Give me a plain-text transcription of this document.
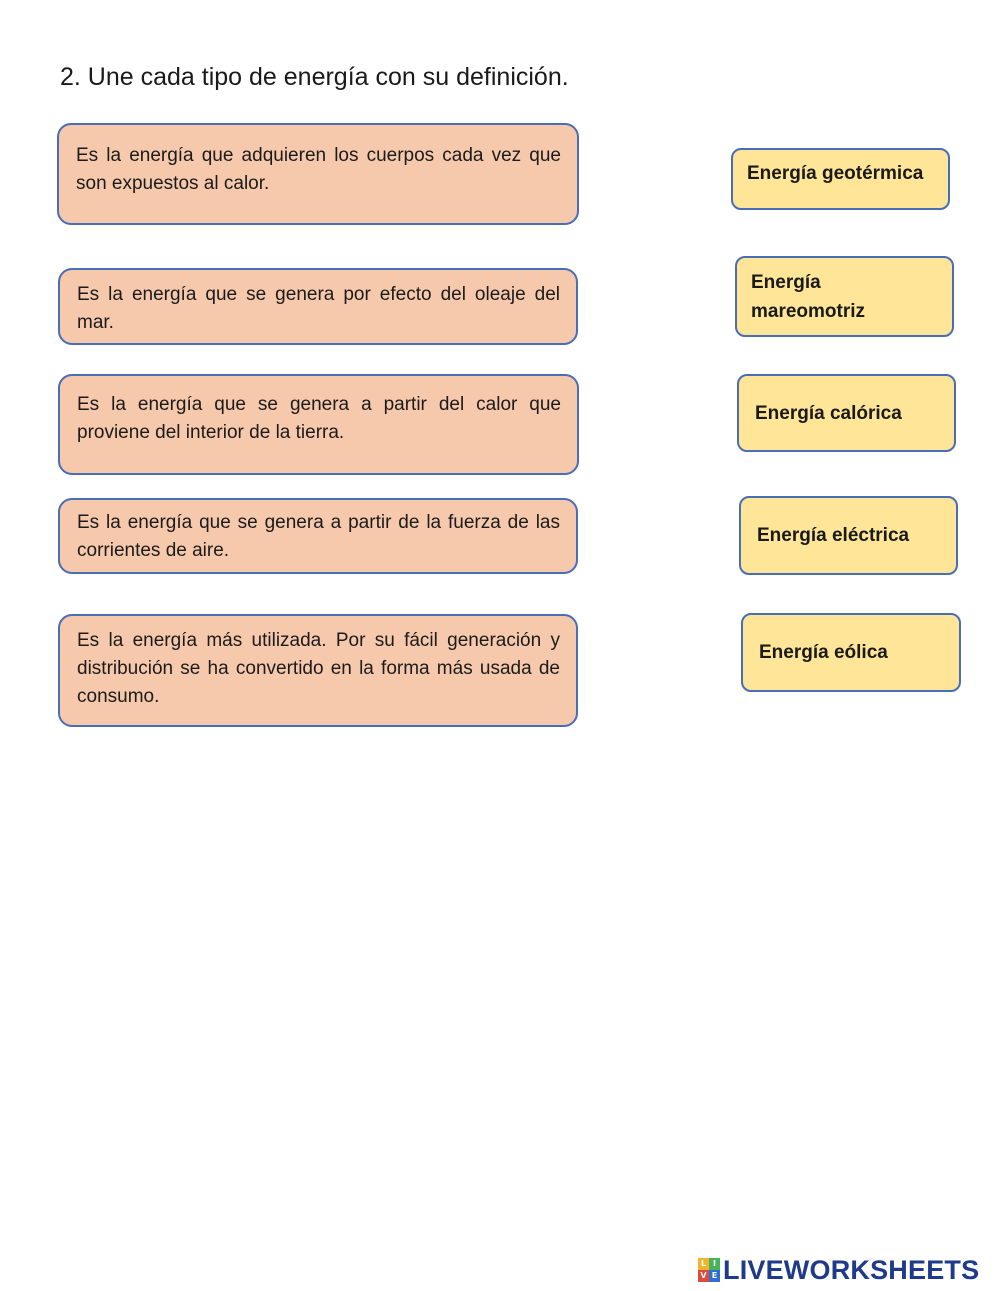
2. Une cada tipo de energía con su definición.
Es la energía que adquieren los cuerpos cada vez que son expuestos al calor.
Es la energía que se genera por efecto del oleaje del mar.
Es la energía que se genera a partir del calor que proviene del interior de la tierra.
Es la energía que se genera a partir de la fuerza de las corrientes de aire.
Es la energía más utilizada. Por su fácil generación y distribución se ha convertido en la forma más usada de consumo.
Energía geotérmica
Energía mareomotriz
Energía calórica
Energía eléctrica
Energía eólica
L I
V E LIVEWORKSHEETS
